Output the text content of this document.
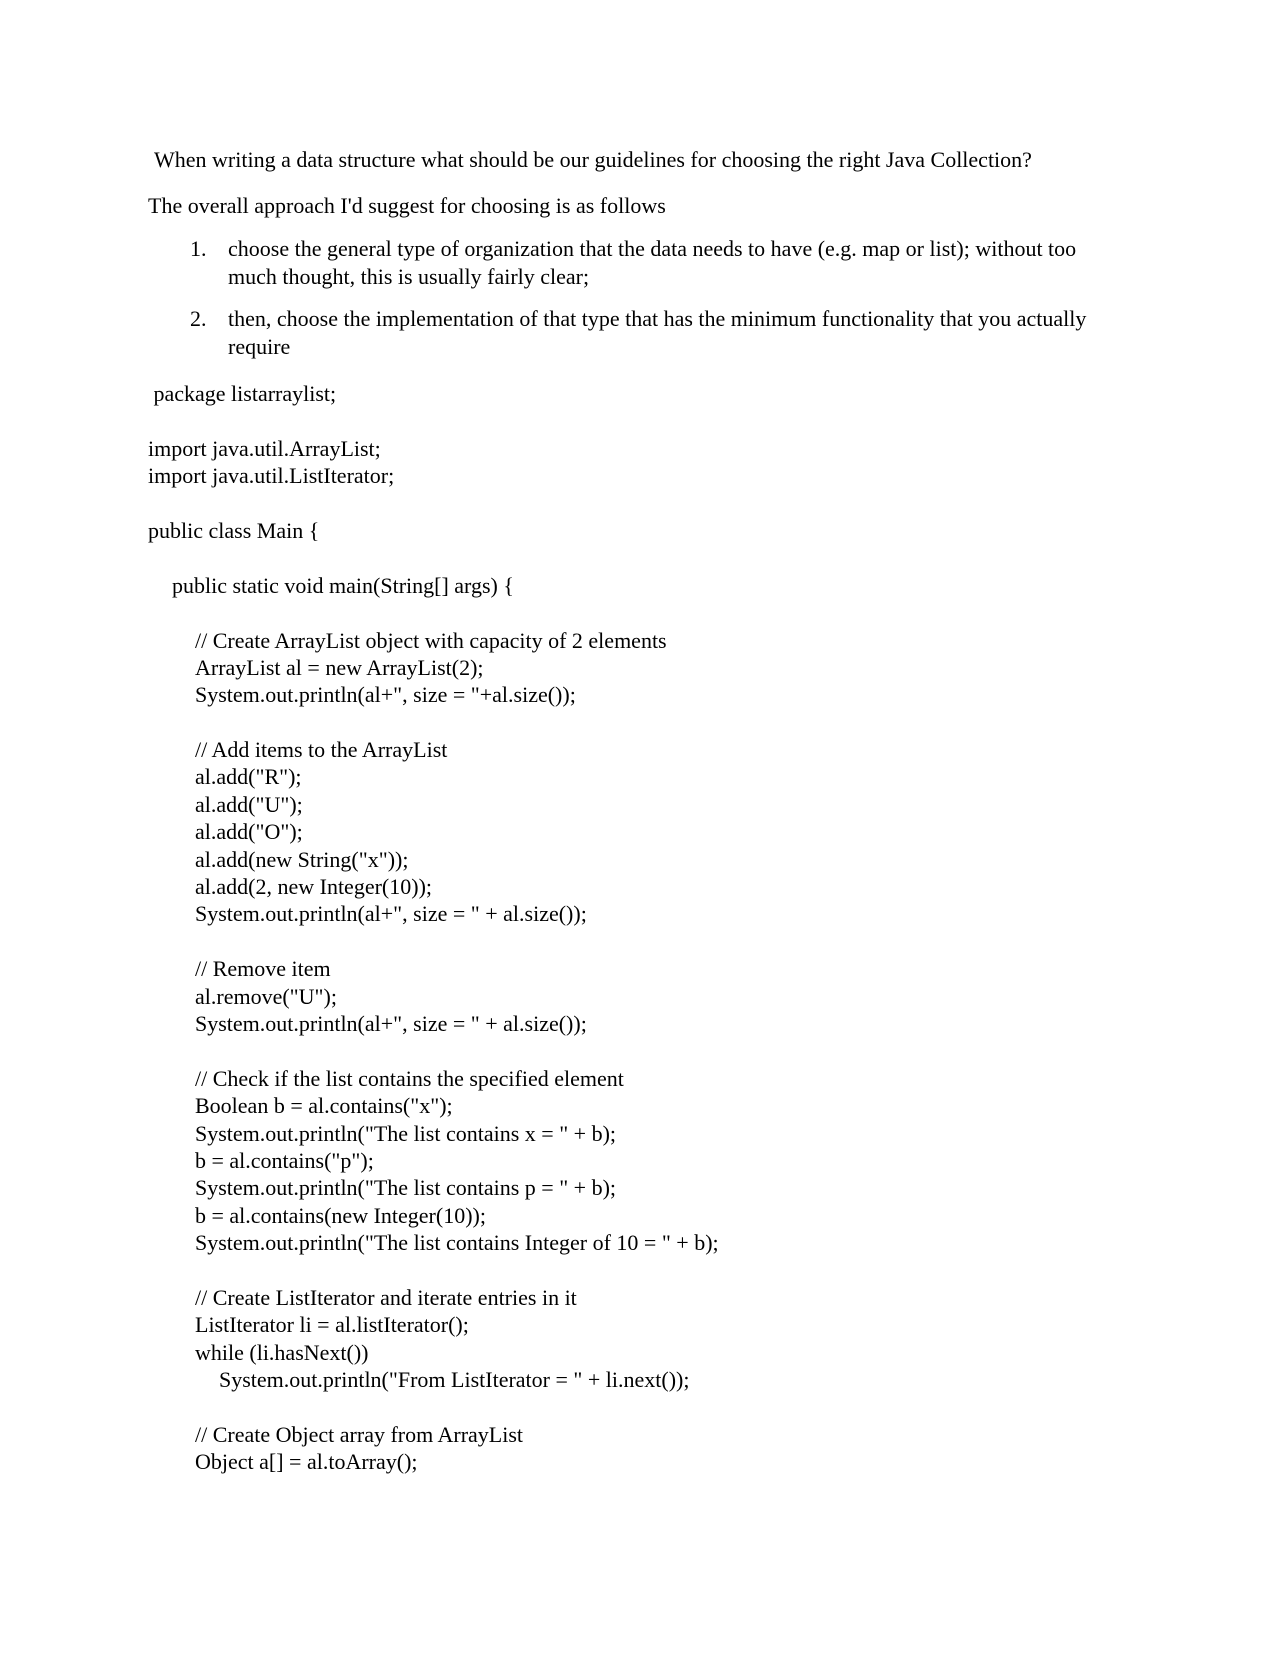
When writing a data structure what should be our guidelines for choosing the right Java Collection?

The overall approach I'd suggest for choosing is as follows

1. choose the general type of organization that the data needs to have (e.g. map or list); without too much thought, this is usually fairly clear;
2. then, choose the implementation of that type that has the minimum functionality that you actually require
package listarraylist;
import java.util.ArrayList;
import java.util.ListIterator;
public class Main {
public static void main(String[] args) {
// Create ArrayList object with capacity of 2 elements
ArrayList al = new ArrayList(2);
System.out.println(al+", size = "+al.size());
// Add items to the ArrayList
al.add("R");
al.add("U");
al.add("O");
al.add(new String("x"));
al.add(2, new Integer(10));
System.out.println(al+", size = " + al.size());
// Remove item
al.remove("U");
System.out.println(al+", size = " + al.size());
// Check if the list contains the specified element
Boolean b = al.contains("x");
System.out.println("The list contains x = " + b);
b = al.contains("p");
System.out.println("The list contains p = " + b);
b = al.contains(new Integer(10));
System.out.println("The list contains Integer of 10 = " + b);
// Create ListIterator and iterate entries in it
ListIterator li = al.listIterator();
while (li.hasNext())
System.out.println("From ListIterator = " + li.next());
// Create Object array from ArrayList
Object a[] = al.toArray();
